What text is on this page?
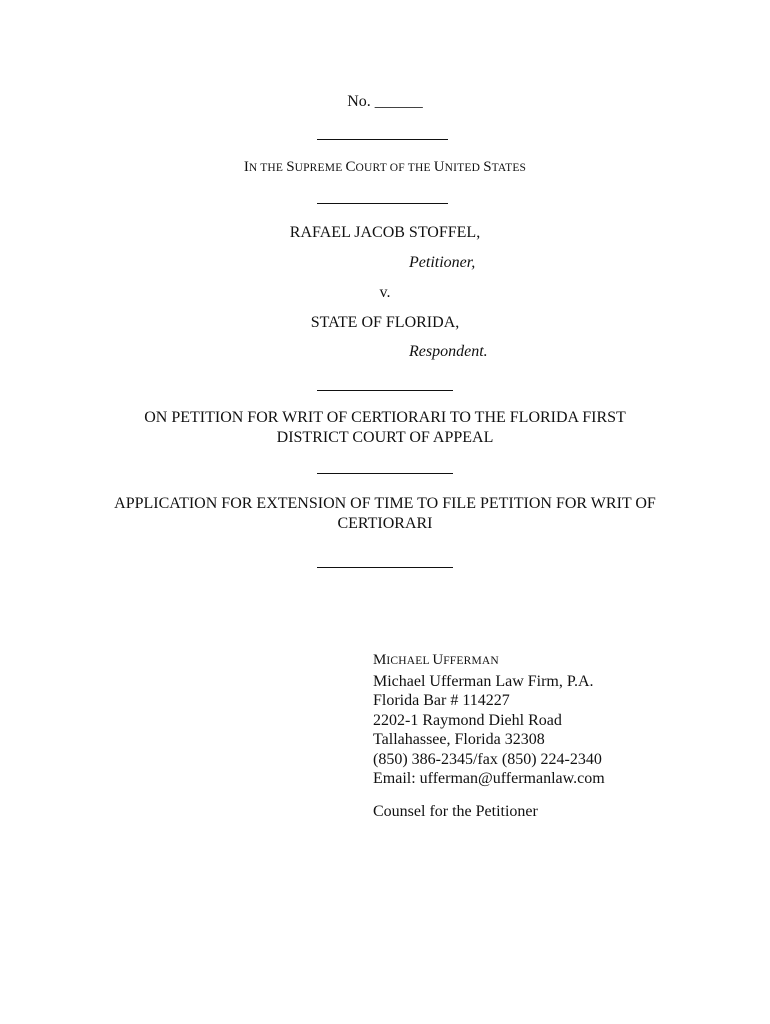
No. ______
IN THE SUPREME COURT OF THE UNITED STATES
RAFAEL JACOB STOFFEL,
Petitioner,
v.
STATE OF FLORIDA,
Respondent.
ON PETITION FOR WRIT OF CERTIORARI TO THE FLORIDA FIRST
DISTRICT COURT OF APPEAL
APPLICATION FOR EXTENSION OF TIME TO FILE PETITION FOR WRIT OF
CERTIORARI
MICHAEL UFFERMAN
Michael Ufferman Law Firm, P.A.
Florida Bar # 114227
2202-1 Raymond Diehl Road
Tallahassee, Florida 32308
(850) 386-2345/fax (850) 224-2340
Email: ufferman@uffermanlaw.com
Counsel for the Petitioner
